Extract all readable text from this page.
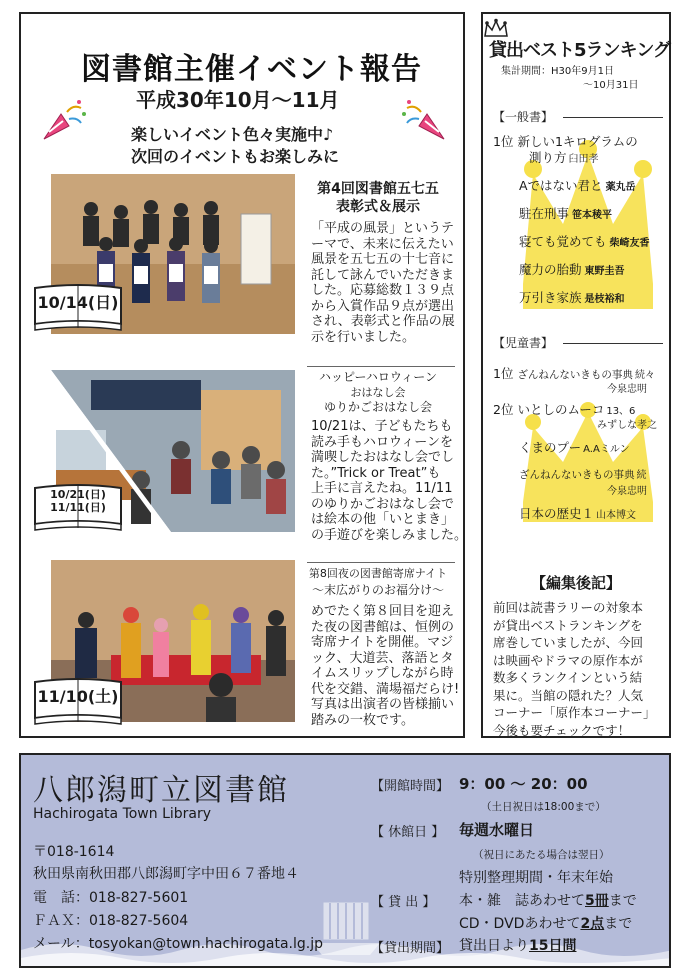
図書館主催イベント報告
平成30年10月～11月
楽しいイベント色々実施中♪
次回のイベントもお楽しみに
10/14(日)
第4回図書館五七五
表彰式＆展示
「平成の風景」というテ
ーマで、未来に伝えたい
風景を五七五の十七音に
託して詠んでいただきま
した。応募総数１３９点
から入賞作品９点が選出
され、表彰式と作品の展
示を行いました。
10/21(日)
11/11(日)
ハッピーハロウィーン
おはなし会
ゆりかごおはなし会
10/21は、子どもたちも
読み手もハロウィーンを
満喫したおはなし会でし
た。”Trick or Treat”も
上手に言えたね。11/11
のゆりかごおはなし会で
は絵本の他「いとまき」
の手遊びを楽しみました。
11/10(土)
第8回夜の図書館寄席ナイト
～末広がりのお福分け～
めでたく第８回目を迎え
た夜の図書館は、恒例の
寄席ナイトを開催。マジ
ック、大道芸、落語とタ
イムスリップしながら時
代を交錯、満場福だらけ!
写真は出演者の皆様揃い
踏みの一枚です。
貸出ベスト5ランキング
集計期間：H30年9月1日
～10月31日
【一般書】
1位 新しい1キログラムの
測り方 臼田孝
Aではない君と 薬丸岳
駐在刑事 笹本稜平
寝ても覚めても 柴崎友香
魔力の胎動 東野圭吾
万引き家族 是枝裕和
【児童書】
1位 ざんねんないきもの事典 続々
今泉忠明
2位 いとしのムーコ 13、6
みずしな孝之
くまのプー A.Aミルン
ざんねんないきもの事典 続
今泉忠明
日本の歴史１ 山本博文
【編集後記】
前回は読書ラリーの対象本
が貸出ベストランキングを
席巻していましたが、今回
は映画やドラマの原作本が
数多くランクインという結
果に。当館の隠れた？人気
コーナー「原作本コーナー」
今後も要チェックです！
八郎潟町立図書館
Hachirogata Town Library
〒018-1614
秋田県南秋田郡八郎潟町字中田６７番地４
電　話：018-827-5601
ＦＡＸ：018-827-5604
メール：tosyokan@town.hachirogata.lg.jp
【開館時間】 9：00 ～ 20：00
（土日祝日は18:00まで）
【 休館日 】 毎週水曜日
（祝日にあたる場合は翌日）
特別整理期間・年末年始
【 貸 出 】 本・雑　誌あわせて5冊まで
CD・DVDあわせて2点まで
【貸出期間】 貸出日より15日間
